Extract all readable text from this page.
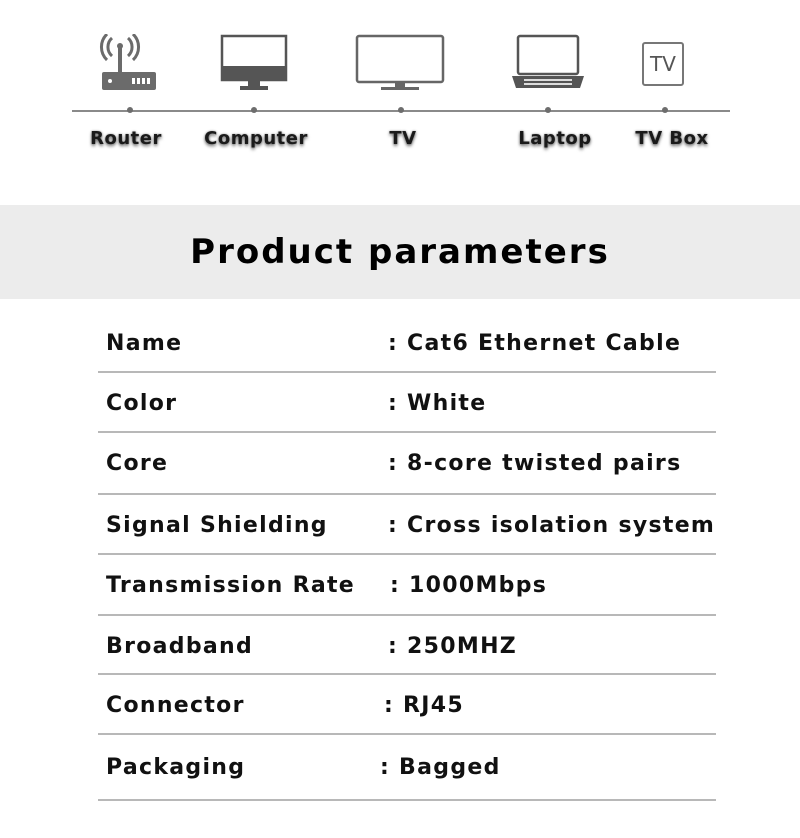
TV
Router Computer	TV	Laptop TV Box
Product parameters
Name	: Cat6 Ethernet Cable
Color	: White
Core	: 8-core twisted pairs
Signal Shielding	: Cross isolation system
Transmission Rate : 1000Mbps
Broadband	: 250MHZ
Connector	: RJ45
Packaging	: Bagged
